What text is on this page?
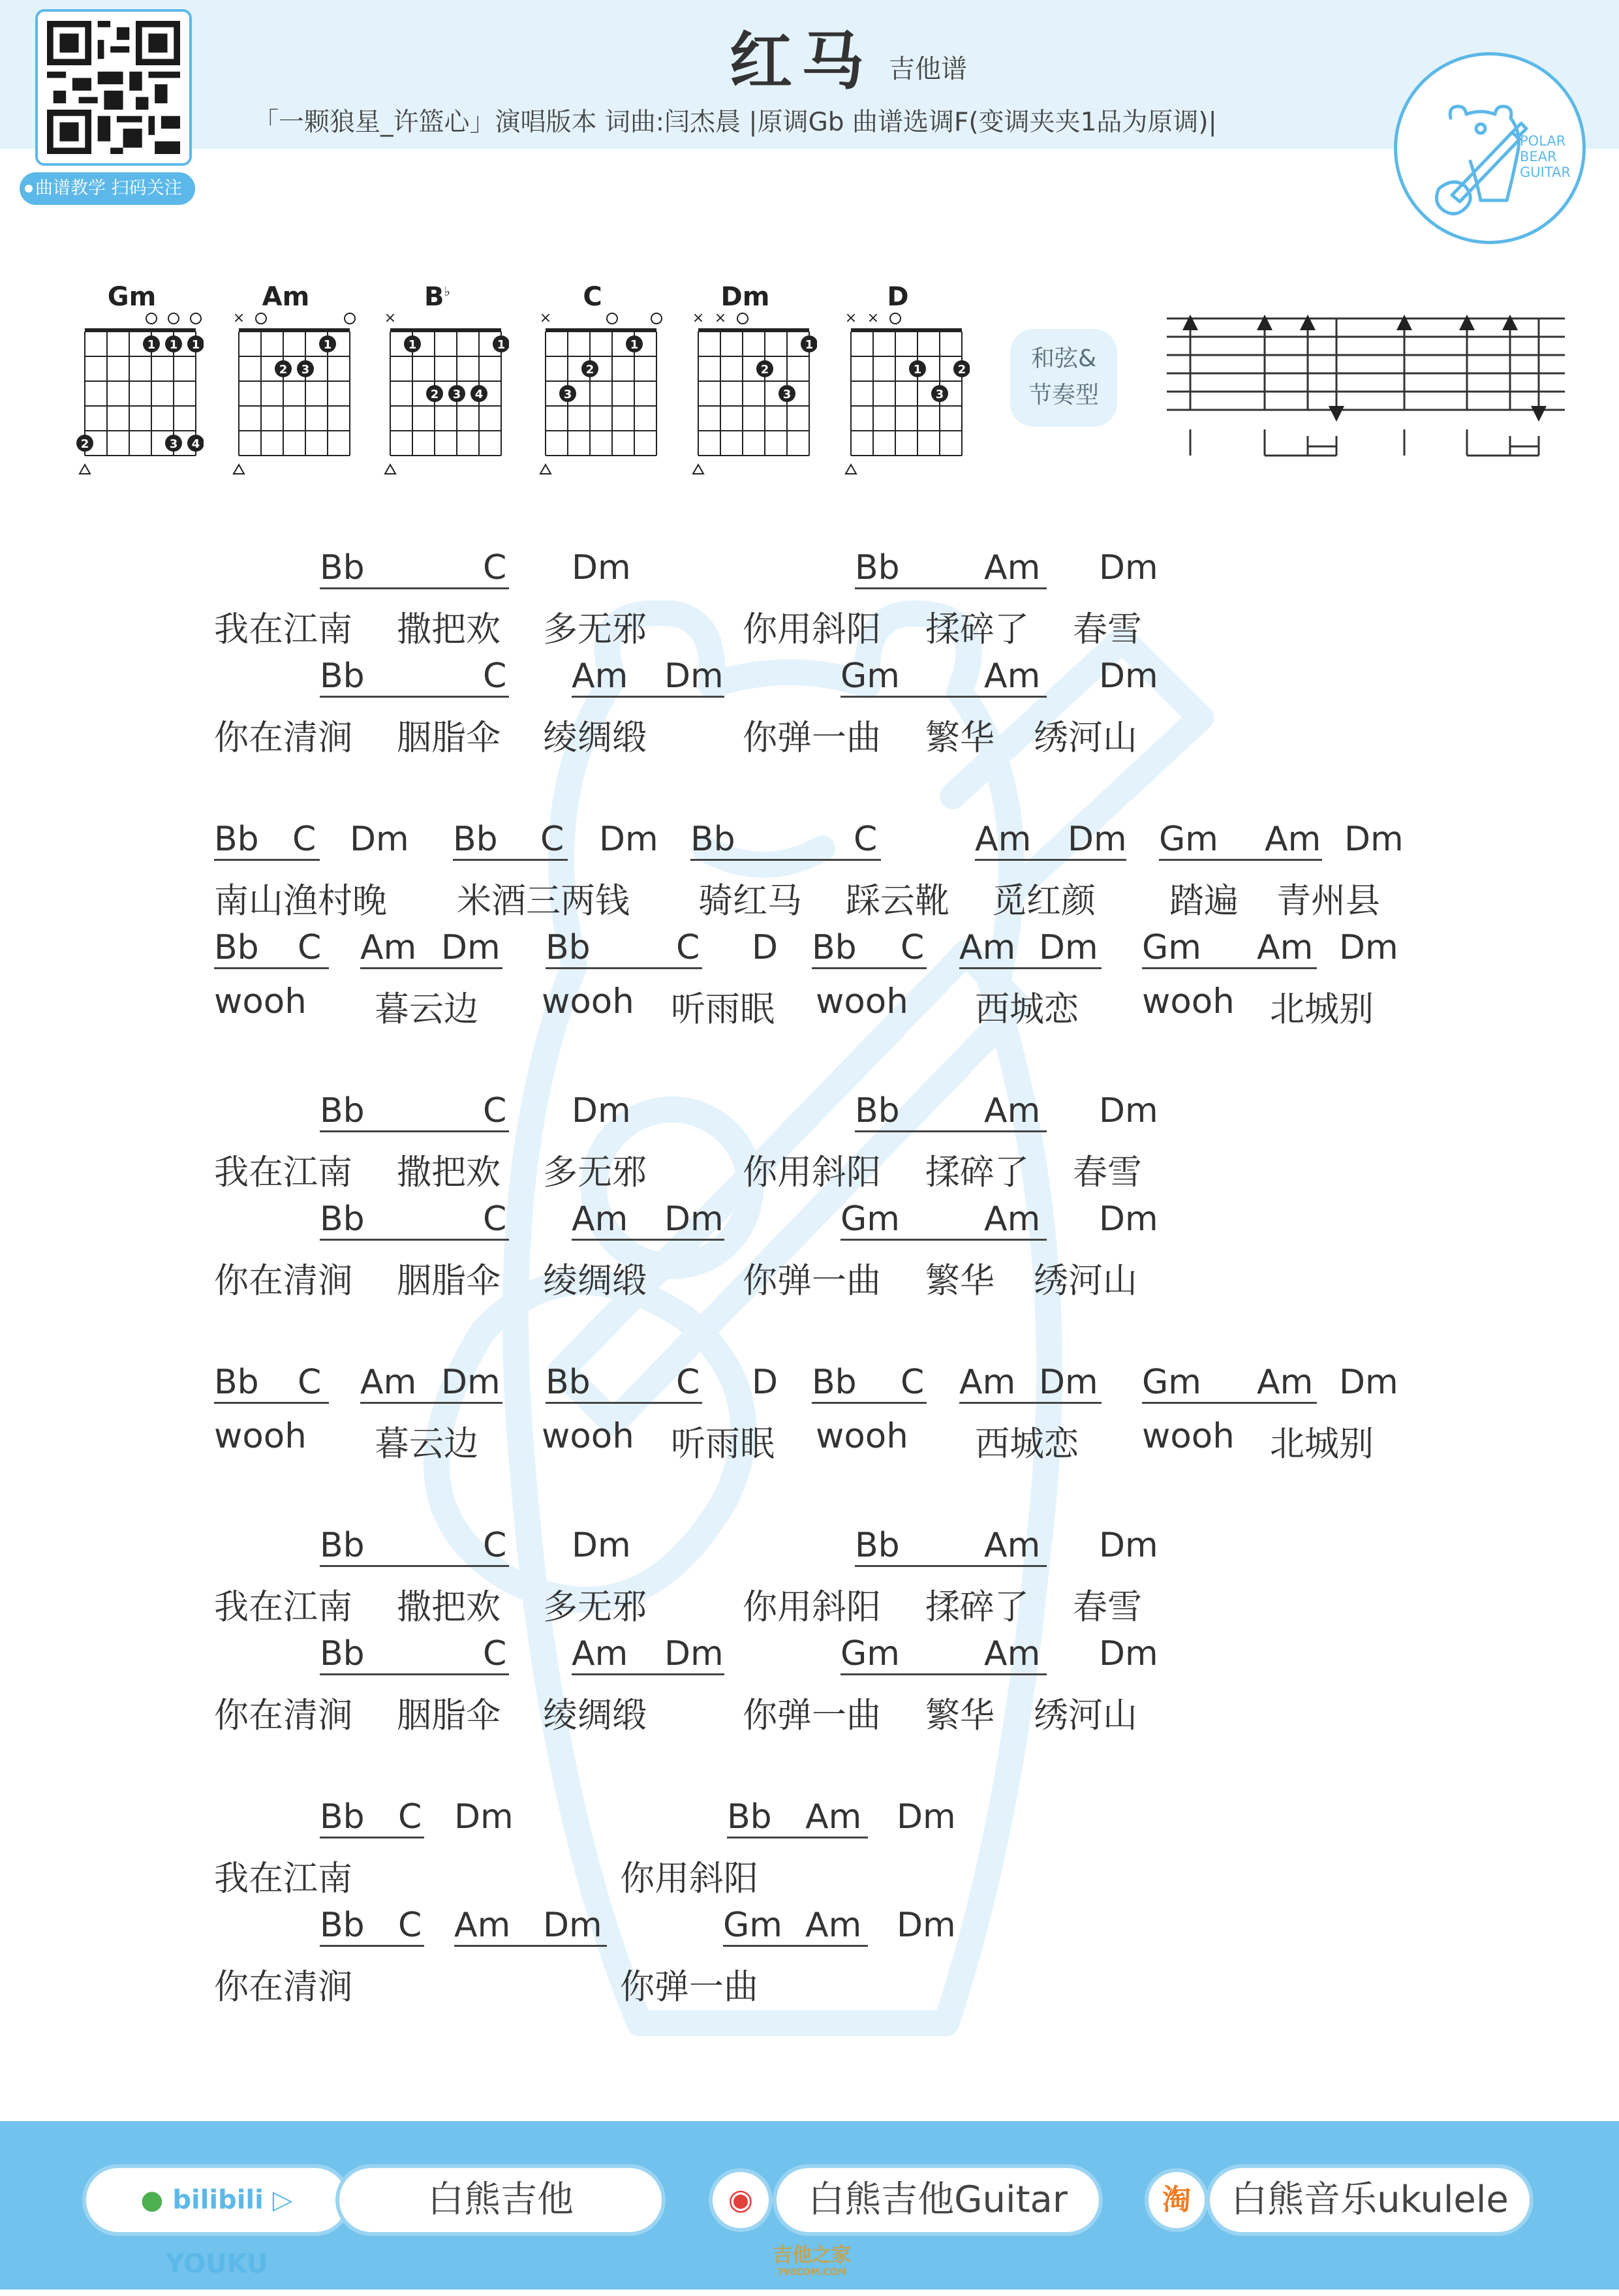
曲谱教学 扫码关注
红马 吉他谱
「一颗狼星_许篮心」演唱版本 词曲:闫杰晨 |原调Gb 曲谱选调F(变调夹夹1品为原调)|
POLAR
BEAR
GUITAR
1 1 1
2	3 4
Gm
×
1
2 3
Am
×
1	1
2 3 4
B♭
×
1
2
3
C
× ×
1
2
3
Dm
× ×
1	2
3
D
和弦&
节奏型
Bb	C Dm	Bb Am Dm
我在江南 撒把欢 多无邪	你用斜阳 揉碎了 春雪
Bb	C Am Dm	Gm Am Dm
你在清涧 胭脂伞 绫绸缎	你弹一曲 繁华 绣河山
Bb C Dm Bb C Dm Bb	C	Am Dm Gm Am Dm
南山渔村晚 米酒三两钱 骑红马 踩云靴 觅红颜 踏遍 青州县
Bb C Am Dm Bb	C D Bb C Am Dm Gm Am Dm
wooh 暮云边 wooh 听雨眠 wooh 西城恋 wooh 北城别
Bb	C Dm	Bb Am Dm
我在江南 撒把欢 多无邪	你用斜阳 揉碎了 春雪
Bb	C Am Dm	Gm Am Dm
你在清涧 胭脂伞 绫绸缎	你弹一曲 繁华 绣河山
Bb C Am Dm Bb	C D Bb C Am Dm Gm Am Dm
wooh 暮云边 wooh 听雨眠 wooh 西城恋 wooh 北城别
Bb	C Dm	Bb Am Dm
我在江南 撒把欢 多无邪	你用斜阳 揉碎了 春雪
Bb	C Am Dm	Gm Am Dm
你在清涧 胭脂伞 绫绸缎	你弹一曲 繁华 绣河山
Bb C Dm	Bb Am Dm
我在江南	你用斜阳
Bb C Am Dm	Gm Am Dm
你在清涧	你弹一曲
● bilibili ▷ YOUKU
白熊吉他	◉	白熊吉他Guitar	淘	白熊音乐ukulele
吉他之家
798COM.COM
